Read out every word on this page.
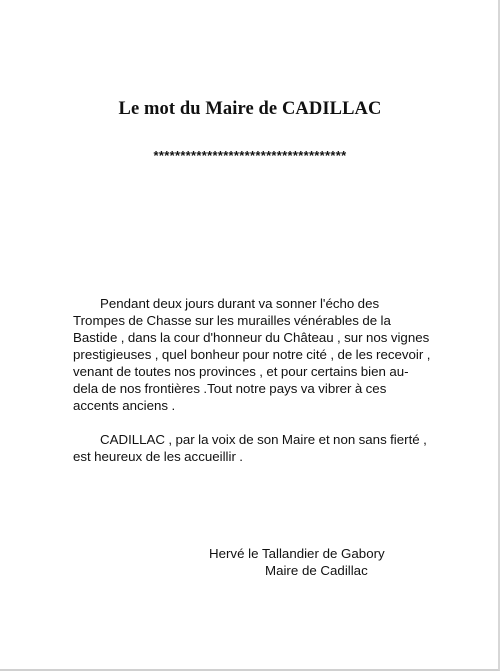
Le mot du Maire de CADILLAC
************************************

Pendant deux jours durant va sonner l'écho des Trompes de Chasse sur les murailles vénérables de la Bastide , dans la cour d'honneur du Château , sur nos vignes prestigieuses , quel bonheur pour notre cité , de les recevoir , venant de toutes nos provinces , et pour certains bien au-dela de nos frontières .Tout notre pays va vibrer à ces accents anciens .

CADILLAC , par la voix de son Maire et non sans fierté , est heureux de les accueillir .

Hervé le Tallandier de Gabory
Maire de Cadillac
